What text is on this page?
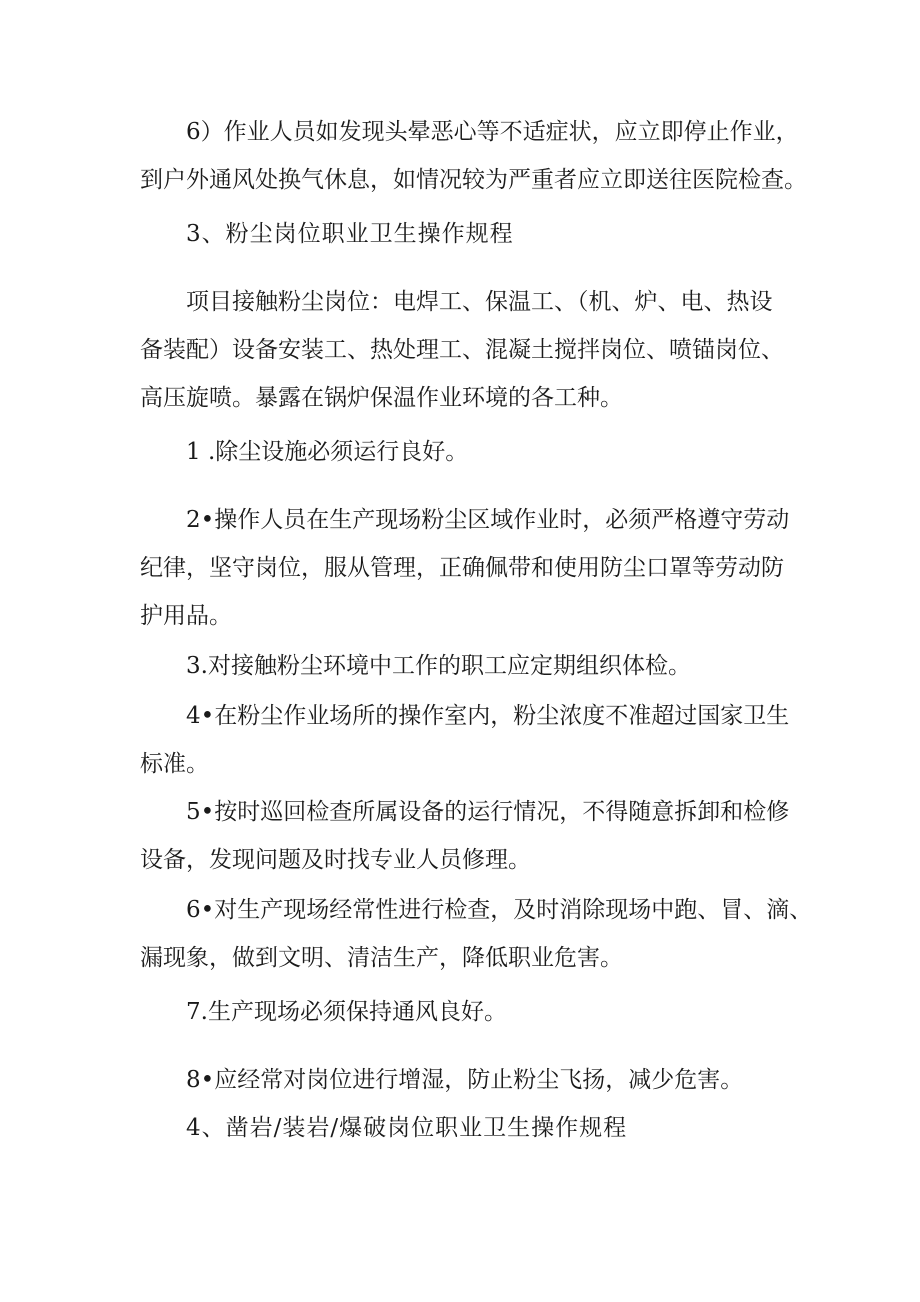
6）作业人员如发现头晕恶心等不适症状，应立即停止作业，
到户外通风处换气休息，如情况较为严重者应立即送往医院检查。
3、粉尘岗位职业卫生操作规程
项目接触粉尘岗位：电焊工、保温工、（机、炉、电、热设
备装配）设备安装工、热处理工、混凝土搅拌岗位、喷锚岗位、
高压旋喷。暴露在锅炉保温作业环境的各工种。
1 .除尘设施必须运行良好。
2•操作人员在生产现场粉尘区域作业时，必须严格遵守劳动
纪律，坚守岗位，服从管理，正确佩带和使用防尘口罩等劳动防
护用品。
3.对接触粉尘环境中工作的职工应定期组织体检。
4•在粉尘作业场所的操作室内，粉尘浓度不准超过国家卫生
标准。
5•按时巡回检查所属设备的运行情况，不得随意拆卸和检修
设备，发现问题及时找专业人员修理。
6•对生产现场经常性进行检查，及时消除现场中跑、冒、滴、
漏现象，做到文明、清洁生产，降低职业危害。
7.生产现场必须保持通风良好。
8•应经常对岗位进行增湿，防止粉尘飞扬，减少危害。
4、凿岩/装岩/爆破岗位职业卫生操作规程
